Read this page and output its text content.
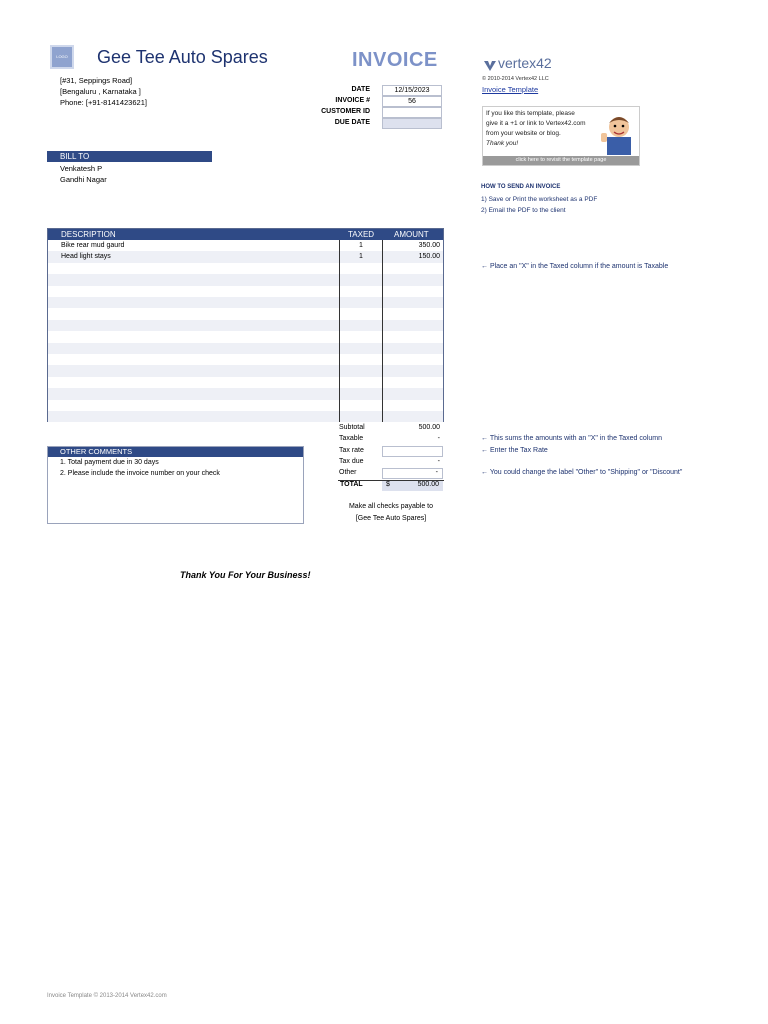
LOGO	Gee Tee Auto Spares	INVOICE
[#31, Seppings Road]
[Bengaluru , Karnataka ]
Phone: [+91-8141423621]
DATE	12/15/2023
INVOICE #	56
CUSTOMER ID
DUE DATE
BILL TO
Venkatesh P
Gandhi Nagar
DESCRIPTION	TAXED AMOUNT
Bike rear mud gaurd	1	350.00
Head light stays	1	150.00
Subtotal	500.00
Taxable	-
Tax rate
Tax due	-
Other	-
TOTAL	$	500.00
OTHER COMMENTS
1. Total payment due in 30 days
2. Please include the invoice number on your check
Make all checks payable to
[Gee Tee Auto Spares]
Thank You For Your Business!
vertex42
© 2010-2014 Vertex42 LLC
Invoice Template
If you like this template, please
give it a +1 or link to Vertex42.com
from your website or blog.
Thank you!
click here to revisit the template page
HOW TO SEND AN INVOICE
1) Save or Print the worksheet as a PDF
2) Email the PDF to the client
← Place an "X" in the Taxed column if the amount is Taxable
← This sums the amounts with an "X" in the Taxed column
← Enter the Tax Rate
← You could change the label "Other" to "Shipping" or "Discount"
Invoice Template © 2013-2014 Vertex42.com
